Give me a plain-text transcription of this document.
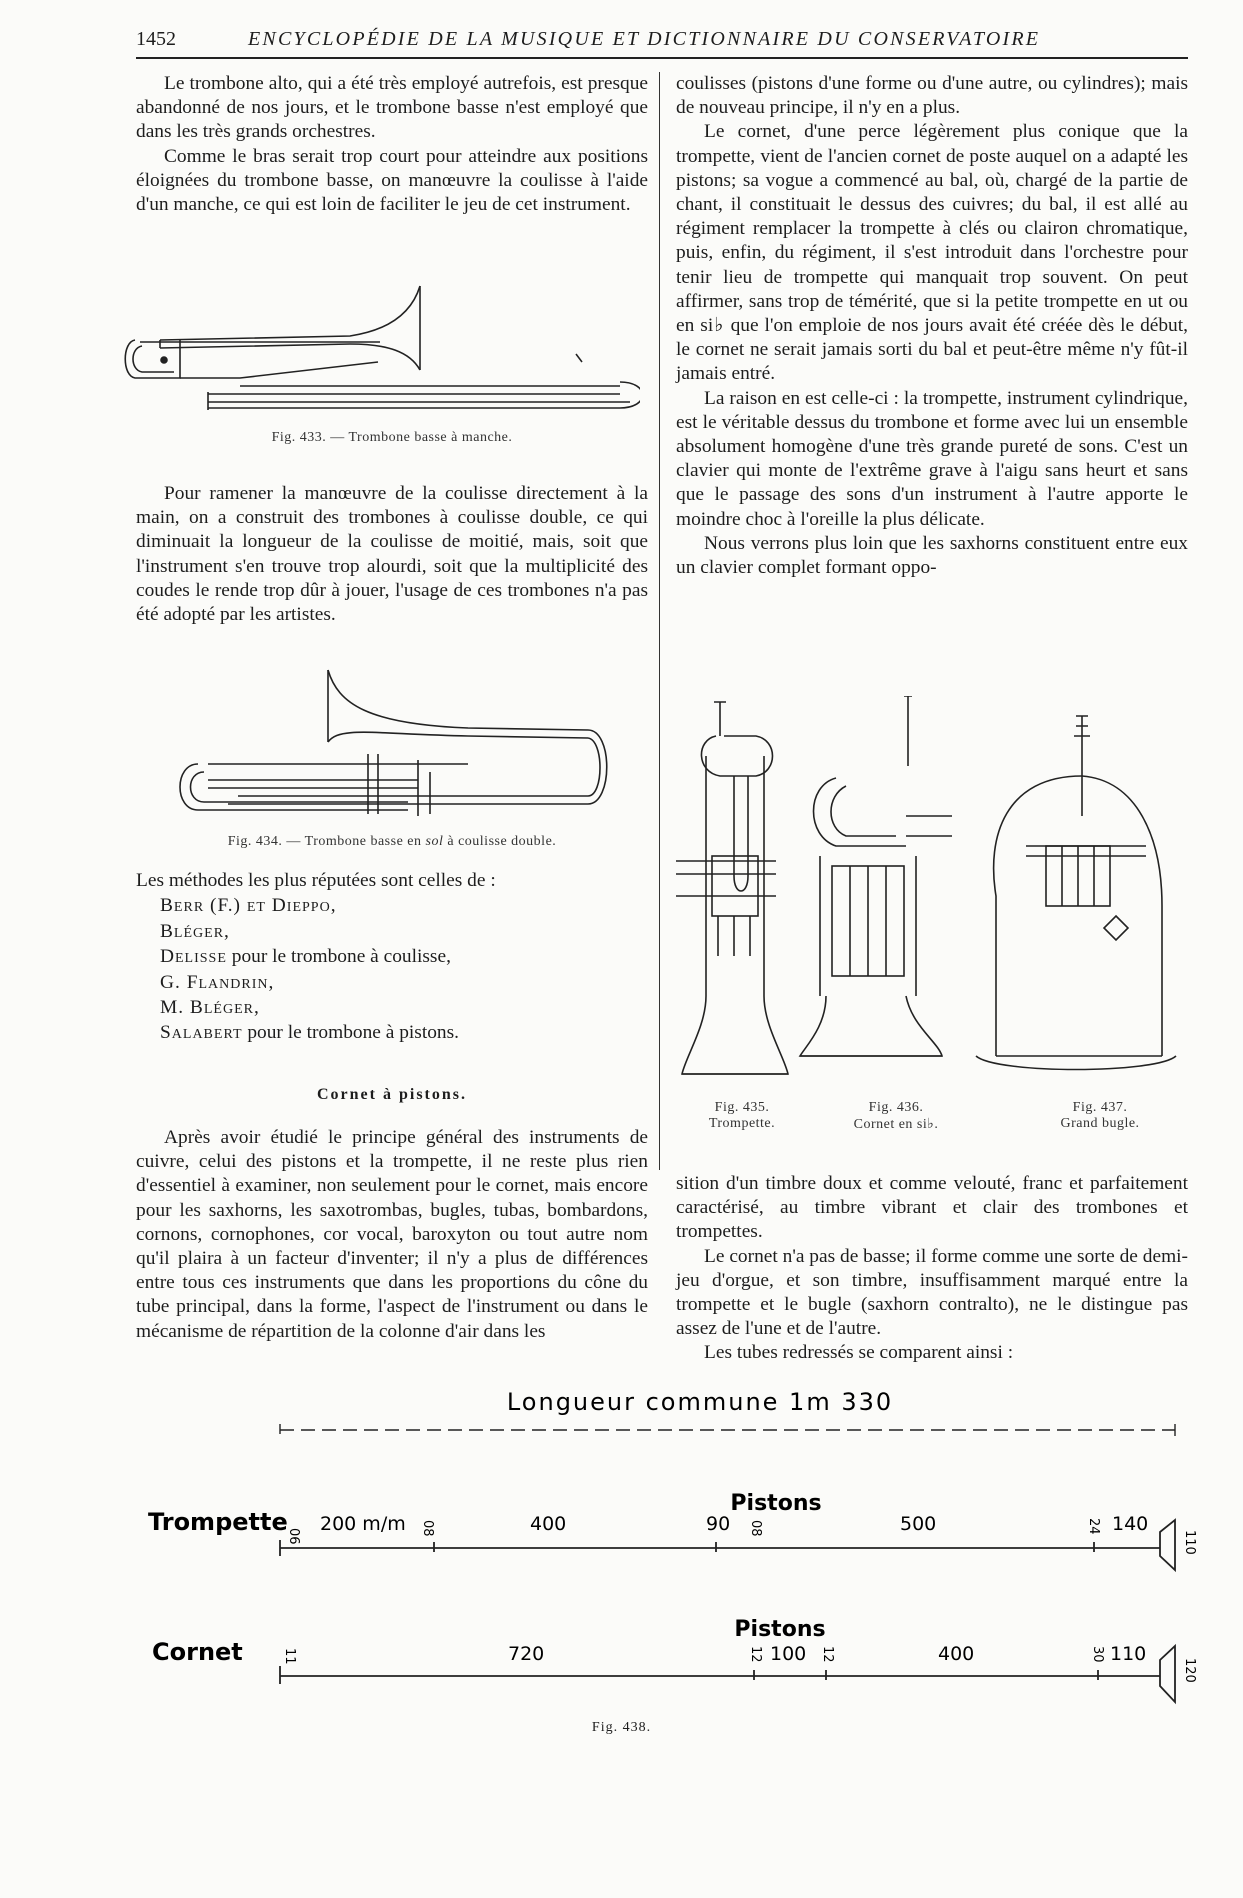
1452	ENCYCLOPÉDIE DE LA MUSIQUE ET DICTIONNAIRE DU CONSERVATOIRE

Le trombone alto, qui a été très employé autrefois, est presque abandonné de nos jours, et le trombone basse n'est employé que dans les très grands orchestres.

Comme le bras serait trop court pour atteindre aux positions éloignées du trombone basse, on manœuvre la coulisse à l'aide d'un manche, ce qui est loin de faciliter le jeu de cet instrument.

Fig. 433. — Trombone basse à manche.

Pour ramener la manœuvre de la coulisse directement à la main, on a construit des trombones à coulisse double, ce qui diminuait la longueur de la coulisse de moitié, mais, soit que l'instrument s'en trouve trop alourdi, soit que la multiplicité des coudes le rende trop dûr à jouer, l'usage de ces trombones n'a pas été adopté par les artistes.

Fig. 434. — Trombone basse en sol à coulisse double.
Les méthodes les plus réputées sont celles de :
Berr (F.) et Dieppo,
Bléger,
Delisse pour le trombone à coulisse,
G. Flandrin,
M. Bléger,
Salabert pour le trombone à pistons.
Cornet à pistons.

Après avoir étudié le principe général des instruments de cuivre, celui des pistons et la trompette, il ne reste plus rien d'essentiel à examiner, non seulement pour le cornet, mais encore pour les saxhorns, les saxotrombas, bugles, tubas, bombardons, cornons, cornophones, cor vocal, baroxyton ou tout autre nom qu'il plaira à un facteur d'inventer; il n'y a plus de différences entre tous ces instruments que dans les proportions du cône du tube principal, dans la forme, l'aspect de l'instrument ou dans le mécanisme de répartition de la colonne d'air dans les

coulisses (pistons d'une forme ou d'une autre, ou cylindres); mais de nouveau principe, il n'y en a plus.

Le cornet, d'une perce légèrement plus conique que la trompette, vient de l'ancien cornet de poste auquel on a adapté les pistons; sa vogue a commencé au bal, où, chargé de la partie de chant, il constituait le dessus des cuivres; du bal, il est allé au régiment remplacer la trompette à clés ou clairon chromatique, puis, enfin, du régiment, il s'est introduit dans l'orchestre pour tenir lieu de trompette qui manquait trop souvent. On peut affirmer, sans trop de témérité, que si la petite trompette en ut ou en si♭ que l'on emploie de nos jours avait été créée dès le début, le cornet ne serait jamais sorti du bal et peut-être même n'y fût-il jamais entré.

La raison en est celle-ci : la trompette, instrument cylindrique, est le véritable dessus du trombone et forme avec lui un ensemble absolument homogène d'une très grande pureté de sons. C'est un clavier qui monte de l'extrême grave à l'aigu sans heurt et sans que le passage des sons d'un instrument à l'autre apporte le moindre choc à l'oreille la plus délicate.

Nous verrons plus loin que les saxhorns constituent entre eux un clavier complet formant oppo-

Fig. 435.
Trompette.
Fig. 436.
Cornet en si♭.
Fig. 437.
Grand bugle.

sition d'un timbre doux et comme velouté, franc et parfaitement caractérisé, au timbre vibrant et clair des trombones et trompettes.

Le cornet n'a pas de basse; il forme comme une sorte de demi-jeu d'orgue, et son timbre, insuffisamment marqué entre la trompette et le bugle (saxhorn contralto), ne le distingue pas assez de l'une et de l'autre.

Les tubes redressés se comparent ainsi :

Longueur commune 1m 330
Pistons
Trompette 200 m/m	400	90	500	140
06	08	08	24
110
Pistons
Cornet	720	100	400	110
11	12	12	30
120
Fig. 438.
